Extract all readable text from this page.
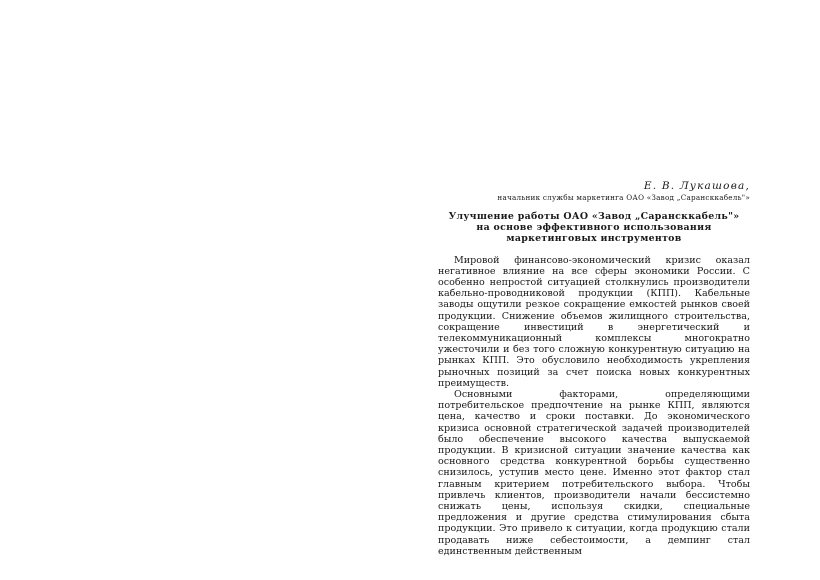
Е. В. Лукашова,
начальник службы маркетинга ОАО «Завод „Сарансккабель"»
Улучшение работы ОАО «Завод „Сарансккабель"»
на основе эффективного использования
маркетинговых инструментов

Мировой финансово-экономический кризис оказал негативное влияние на все сферы экономики России. С особенно непростой ситуацией столкнулись производители кабельно-проводниковой продукции (КПП). Кабельные заводы ощутили резкое сокращение емкостей рынков своей продукции. Снижение объемов жилищного строительства, сокращение инвестиций в энергетический и телекоммуникационный комплексы многократно ужесточили и без того сложную конкурентную ситуацию на рынках КПП. Это обусловило необходимость укрепления рыночных позиций за счет поиска новых конкурентных преимуществ.

Основными факторами, определяющими потребительское предпочтение на рынке КПП, являются цена, качество и сроки поставки. До экономического кризиса основной стратегической задачей производителей было обеспечение высокого качества выпускаемой продукции. В кризисной ситуации значение качества как основного средства конкурентной борьбы существенно снизилось, уступив место цене. Именно этот фактор стал главным критерием потребительского выбора. Чтобы привлечь клиентов, производители начали бессистемно снижать цены, используя скидки, специальные предложения и другие средства стимулирования сбыта продукции. Это привело к ситуации, когда продукцию стали продавать ниже себестоимости, а демпинг стал единственным действенным
